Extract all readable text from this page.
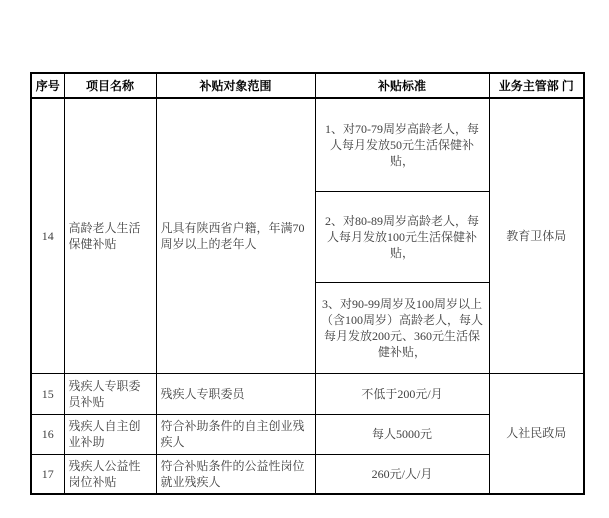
序号	项目名称	补贴对象范围	补贴标准	业务主管部 门
14	高龄老人生活保健补贴	凡具有陕西省户籍，年满70周岁以上的老年人	1、对70-79周岁高龄老人，每人每月发放50元生活保健补贴，	教育卫体局
			2、对80-89周岁高龄老人，每人每月发放100元生活保健补贴，	
			3、对90-99周岁及100周岁以上（含100周岁）高龄老人，每人每月发放200元、360元生活保健补贴，	
15	残疾人专职委员补贴	残疾人专职委员	不低于200元/月	人社民政局
16	残疾人自主创业补助	符合补助条件的自主创业残疾人	每人5000元	
17	残疾人公益性岗位补贴	符合补贴条件的公益性岗位就业残疾人	260元/人/月	
